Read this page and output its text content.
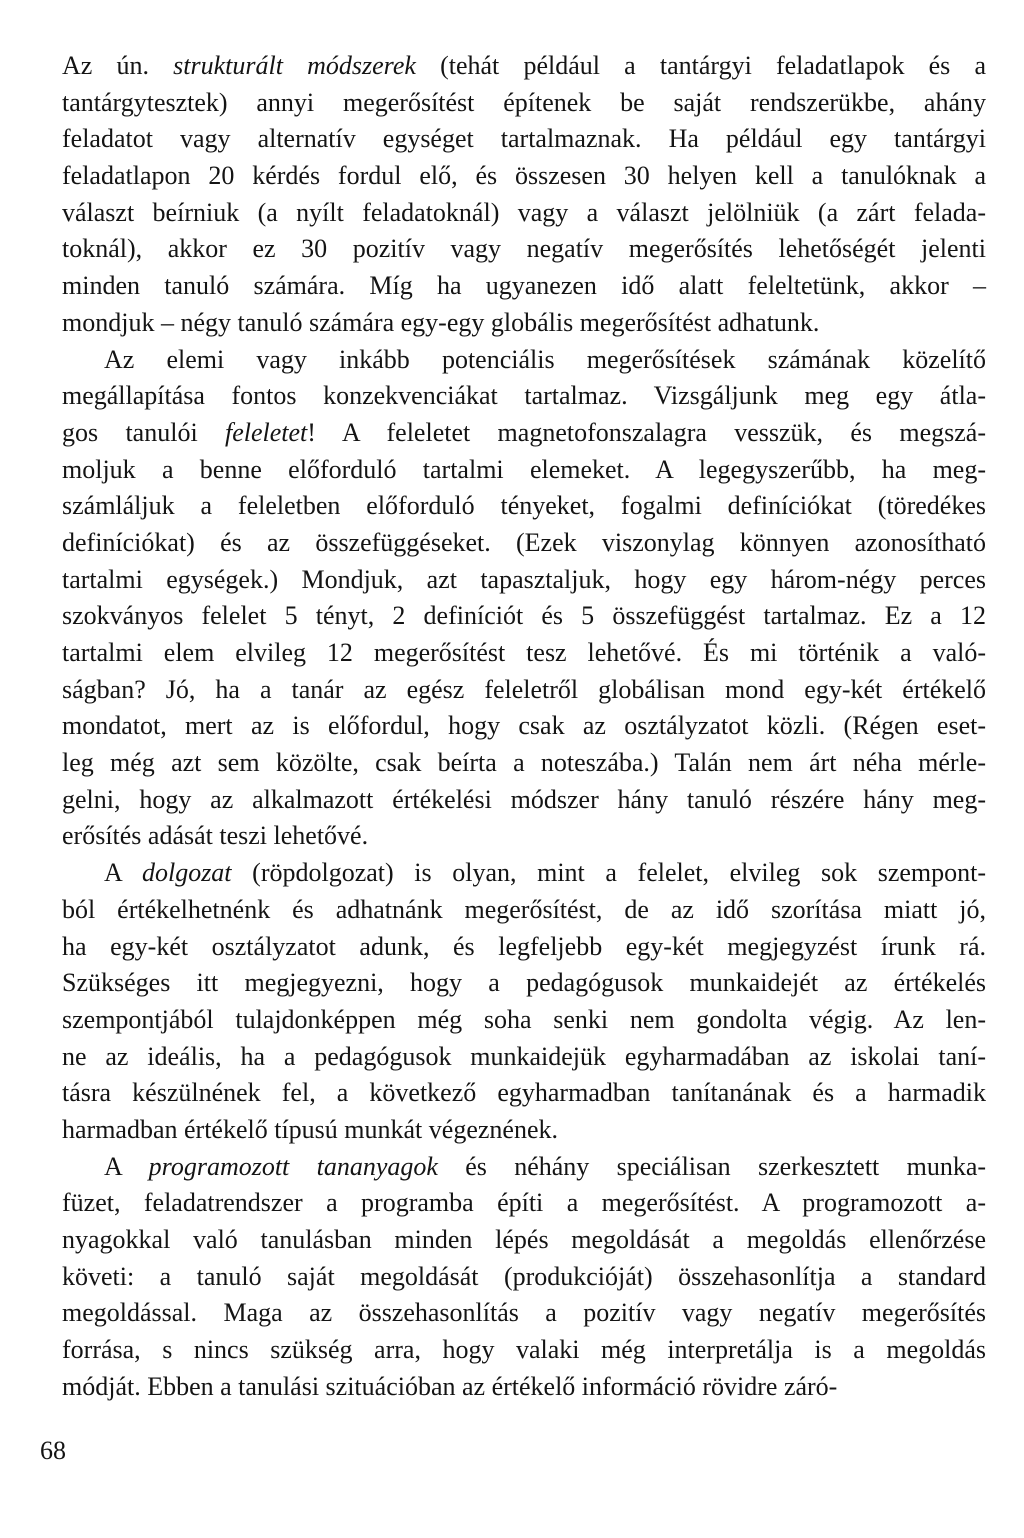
Az ún. strukturált módszerek (tehát például a tantárgyi feladatlapok és a
tantárgytesztek) annyi megerősítést építenek be saját rendszerükbe, ahány
feladatot vagy alternatív egységet tartalmaznak. Ha például egy tantárgyi
feladatlapon 20 kérdés fordul elő, és összesen 30 helyen kell a tanulóknak a
választ beírniuk (a nyílt feladatoknál) vagy a választ jelölniük (a zárt felada-
toknál), akkor ez 30 pozitív vagy negatív megerősítés lehetőségét jelenti
minden tanuló számára. Míg ha ugyanezen idő alatt feleltetünk, akkor –
mondjuk – négy tanuló számára egy-egy globális megerősítést adhatunk.
Az elemi vagy inkább potenciális megerősítések számának közelítő
megállapítása fontos konzekvenciákat tartalmaz. Vizsgáljunk meg egy átla-
gos tanulói feleletet! A feleletet magnetofonszalagra vesszük, és megszá-
moljuk a benne előforduló tartalmi elemeket. A legegyszerűbb, ha meg-
számláljuk a feleletben előforduló tényeket, fogalmi definíciókat (töredékes
definíciókat) és az összefüggéseket. (Ezek viszonylag könnyen azonosítható
tartalmi egységek.) Mondjuk, azt tapasztaljuk, hogy egy három-négy perces
szokványos felelet 5 tényt, 2 definíciót és 5 összefüggést tartalmaz. Ez a 12
tartalmi elem elvileg 12 megerősítést tesz lehetővé. És mi történik a való-
ságban? Jó, ha a tanár az egész feleletről globálisan mond egy-két értékelő
mondatot, mert az is előfordul, hogy csak az osztályzatot közli. (Régen eset-
leg még azt sem közölte, csak beírta a noteszába.) Talán nem árt néha mérle-
gelni, hogy az alkalmazott értékelési módszer hány tanuló részére hány meg-
erősítés adását teszi lehetővé.
A dolgozat (röpdolgozat) is olyan, mint a felelet, elvileg sok szempont-
ból értékelhetnénk és adhatnánk megerősítést, de az idő szorítása miatt jó,
ha egy-két osztályzatot adunk, és legfeljebb egy-két megjegyzést írunk rá.
Szükséges itt megjegyezni, hogy a pedagógusok munkaidejét az értékelés
szempontjából tulajdonképpen még soha senki nem gondolta végig. Az len-
ne az ideális, ha a pedagógusok munkaidejük egyharmadában az iskolai taní-
tásra készülnének fel, a következő egyharmadban tanítanának és a harmadik
harmadban értékelő típusú munkát végeznének.
A programozott tananyagok és néhány speciálisan szerkesztett munka-
füzet, feladatrendszer a programba építi a megerősítést. A programozott a-
nyagokkal való tanulásban minden lépés megoldását a megoldás ellenőrzése
követi: a tanuló saját megoldását (produkcióját) összehasonlítja a standard
megoldással. Maga az összehasonlítás a pozitív vagy negatív megerősítés
forrása, s nincs szükség arra, hogy valaki még interpretálja is a megoldás
módját. Ebben a tanulási szituációban az értékelő információ rövidre záró-
68
